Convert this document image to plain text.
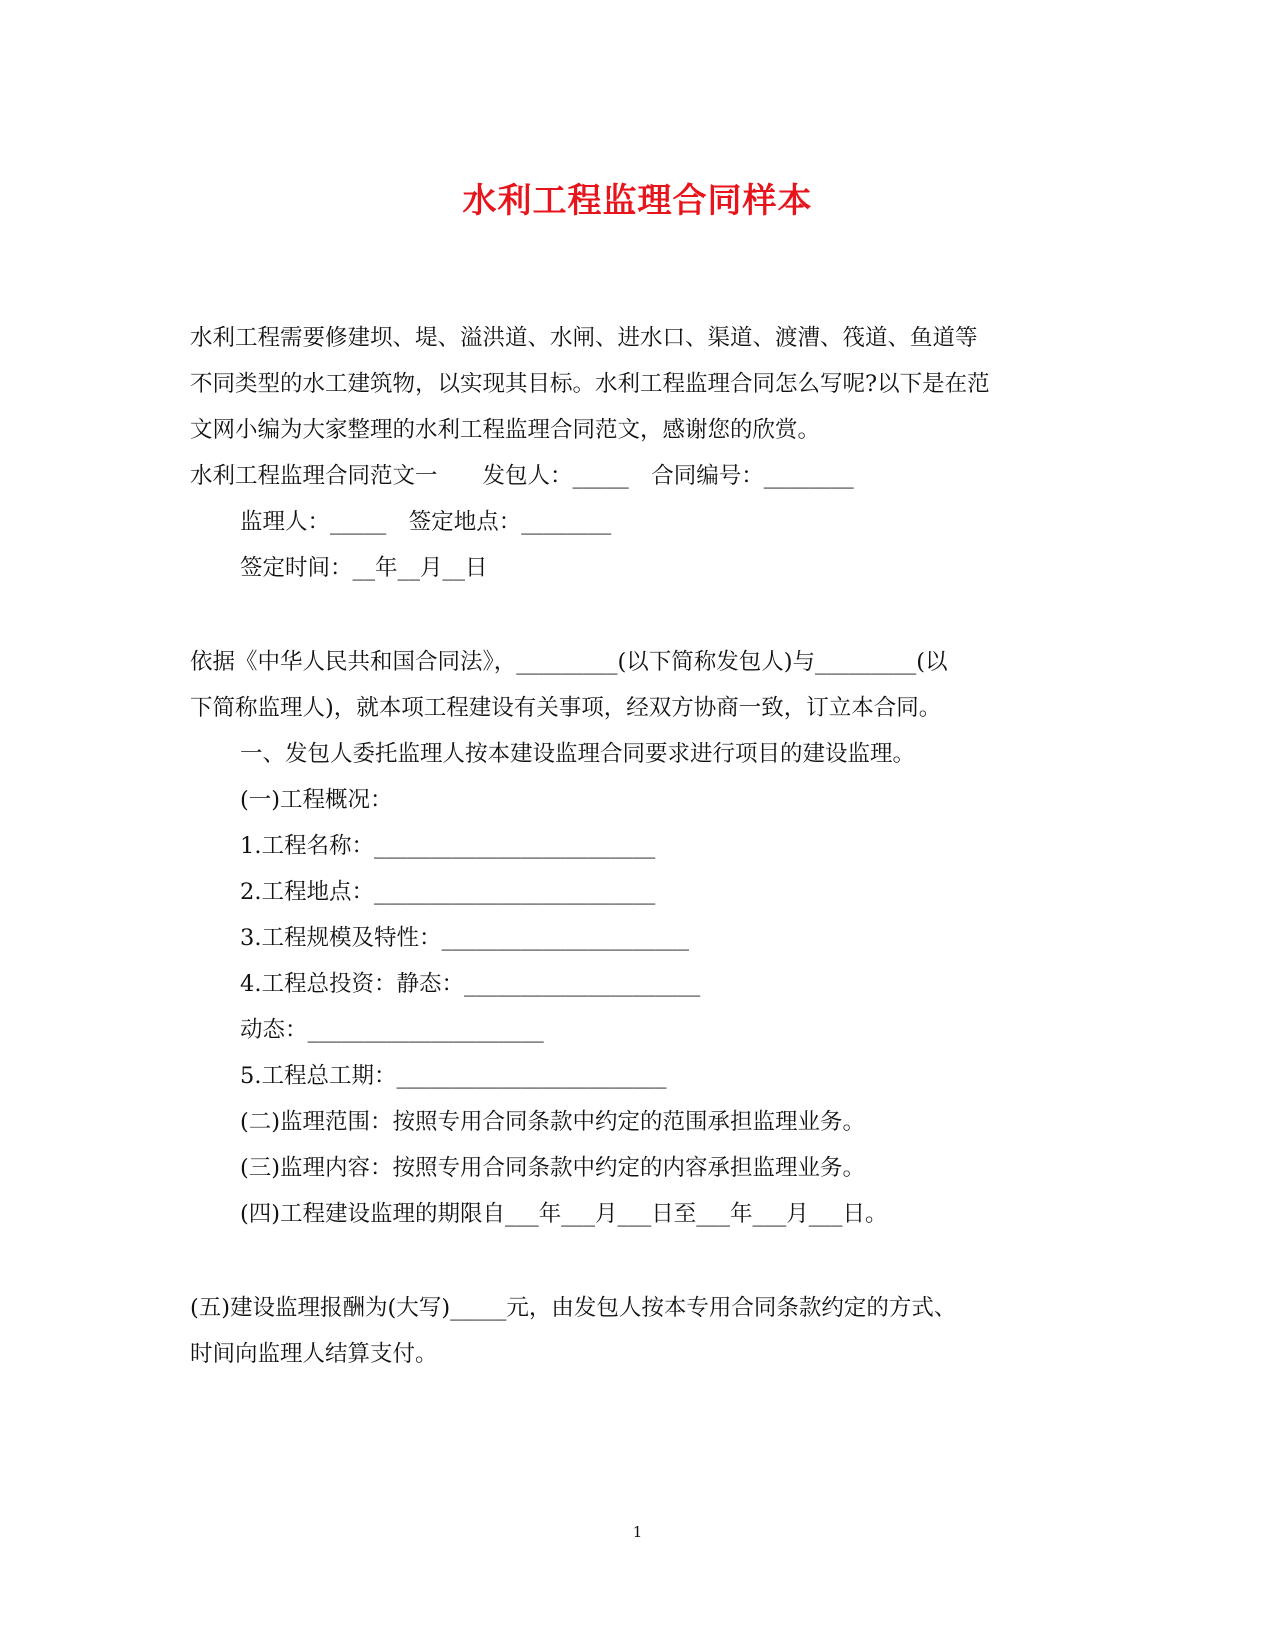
水利工程监理合同样本
水利工程需要修建坝、堤、溢洪道、水闸、进水口、渠道、渡漕、筏道、鱼道等
不同类型的水工建筑物，以实现其目标。水利工程监理合同怎么写呢?以下是在范
文网小编为大家整理的水利工程监理合同范文，感谢您的欣赏。
水利工程监理合同范文一　　发包人：_____　合同编号：________
监理人：_____　签定地点：________
签定时间：__年__月__日
依据《中华人民共和国合同法》，_________(以下简称发包人)与_________(以
下简称监理人)，就本项工程建设有关事项，经双方协商一致，订立本合同。
一、发包人委托监理人按本建设监理合同要求进行项目的建设监理。
(一)工程概况：
1.工程名称：_________________________
2.工程地点：_________________________
3.工程规模及特性：______________________
4.工程总投资：静态：_____________________
动态：_____________________
5.工程总工期：________________________
(二)监理范围：按照专用合同条款中约定的范围承担监理业务。
(三)监理内容：按照专用合同条款中约定的内容承担监理业务。
(四)工程建设监理的期限自___年___月___日至___年___月___日。
(五)建设监理报酬为(大写)_____元，由发包人按本专用合同条款约定的方式、
时间向监理人结算支付。
1
